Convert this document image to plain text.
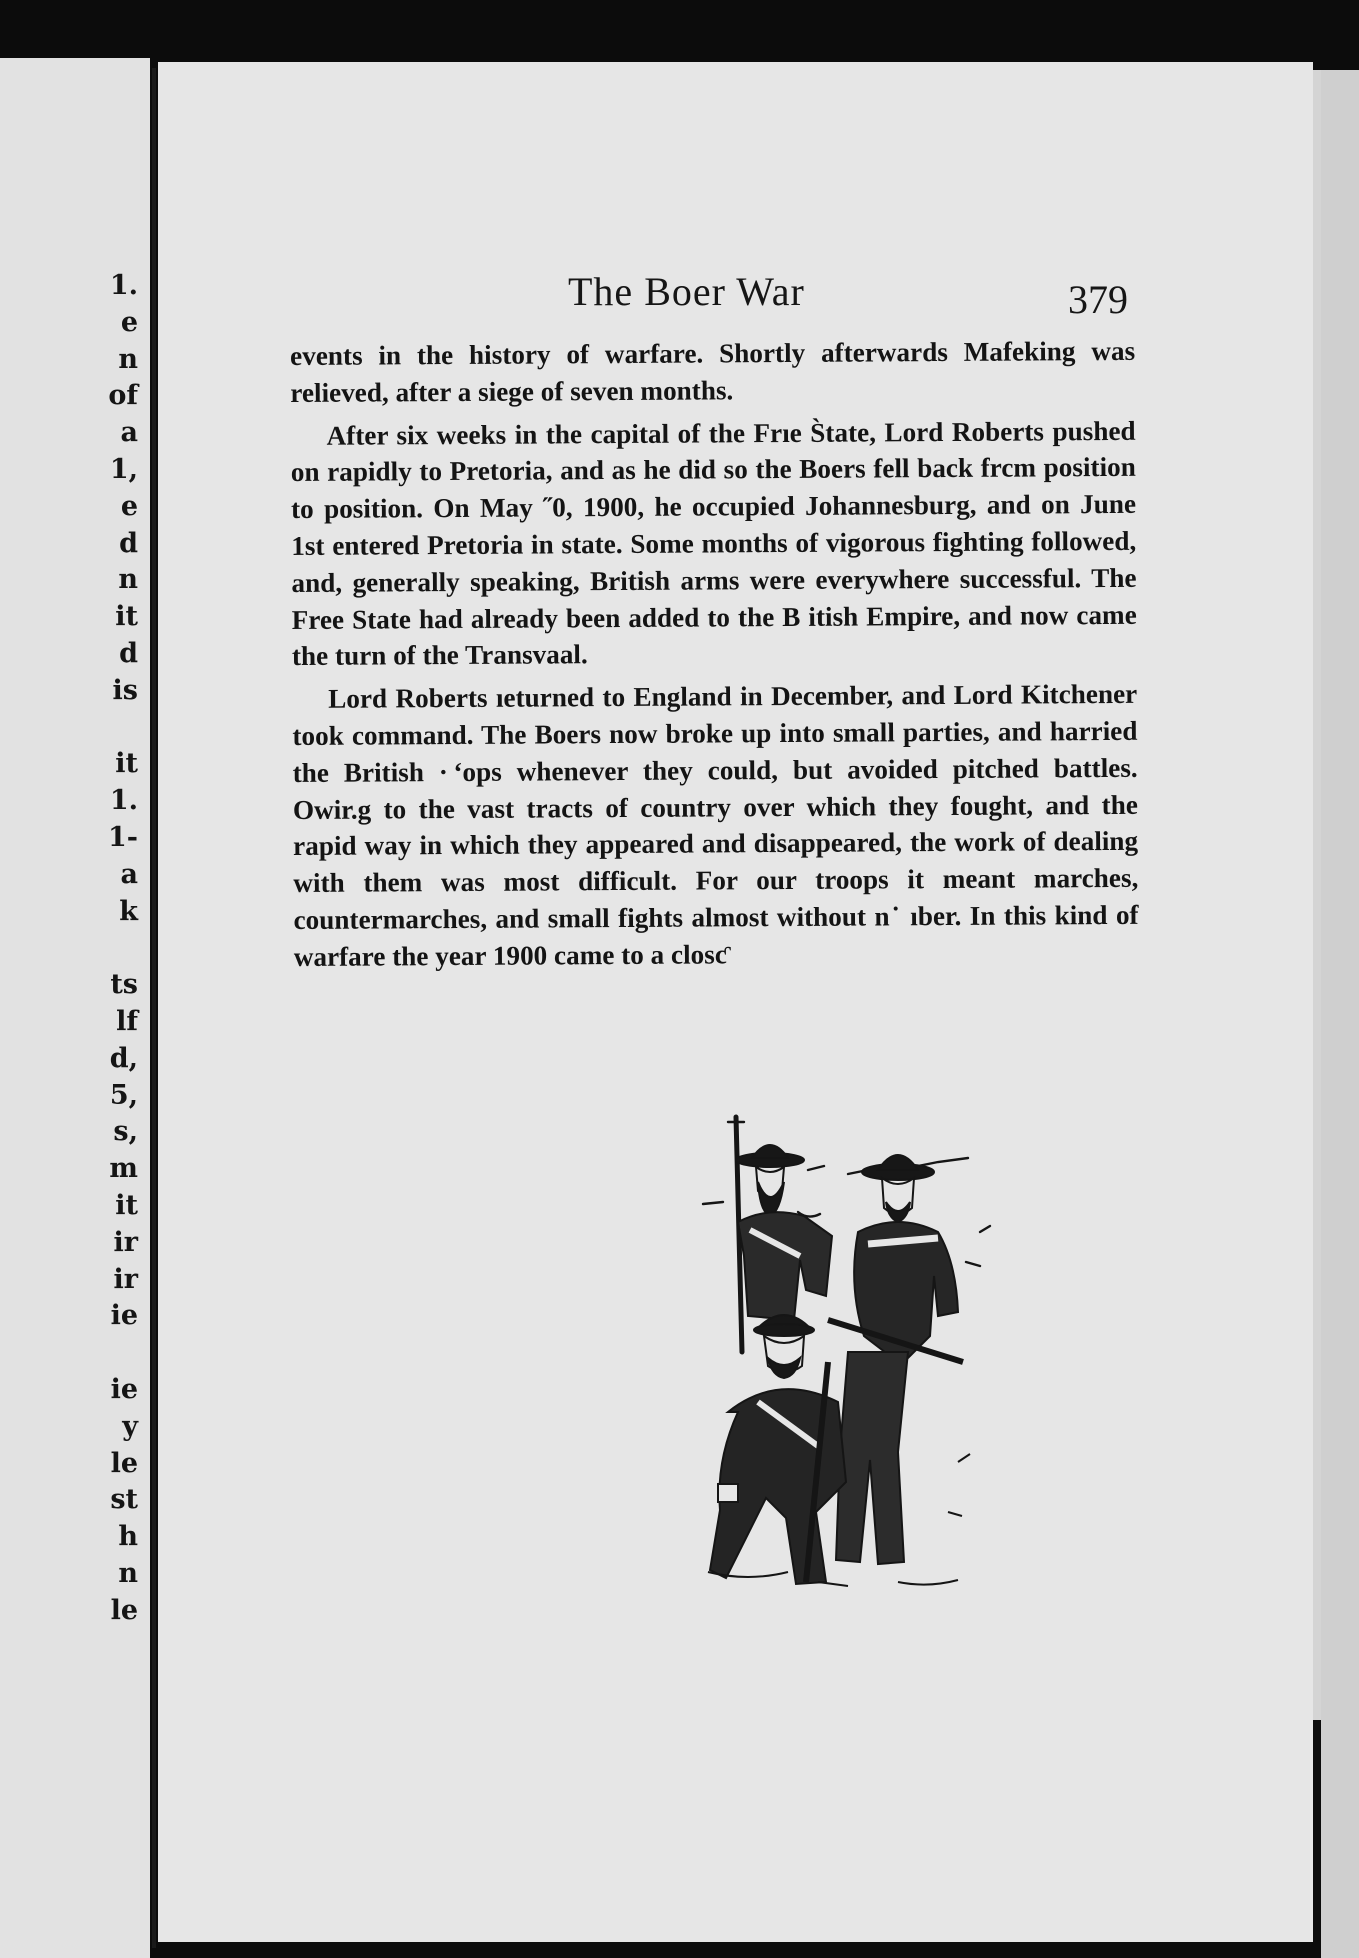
1.
e
n
of
a
1,
e
d
n
it
d
is
it
1.
1-
a
k
ts
lf
d,
5,
s,
m
it
ir
ir
ie
ie
y
le
st
h
n
le
The Boer War	379

events in the history of warfare. Shortly afterwards Mafeking was relieved, after a siege of seven months.

After six weeks in the capital of the Frıe S̀tate, Lord Roberts pushed on rapidly to Pretoria, and as he did so the Boers fell back frcm position to position. On May ˝0, 1900, he occupied Johannesburg, and on June 1st entered Pretoria in state. Some months of vigorous fighting followed, and, generally speaking, British arms were everywhere successful. The Free State had already been added to the B itish Empire, and now came the turn of the Transvaal.

Lord Roberts ıeturned to England in December, and Lord Kitchener took command. The Boers now broke up into small parties, and harried the British · ʻops whenever they could, but avoided pitched battles. Owir.g to the vast tracts of country over which they fought, and the rapid way in which they appeared and disappeared, the work of dealing with them was most difficult. For our troops it meant marches, countermarches, and small fights almost without n˙ ıber. In this kind of warfare the year 1900 came to a closƈ
